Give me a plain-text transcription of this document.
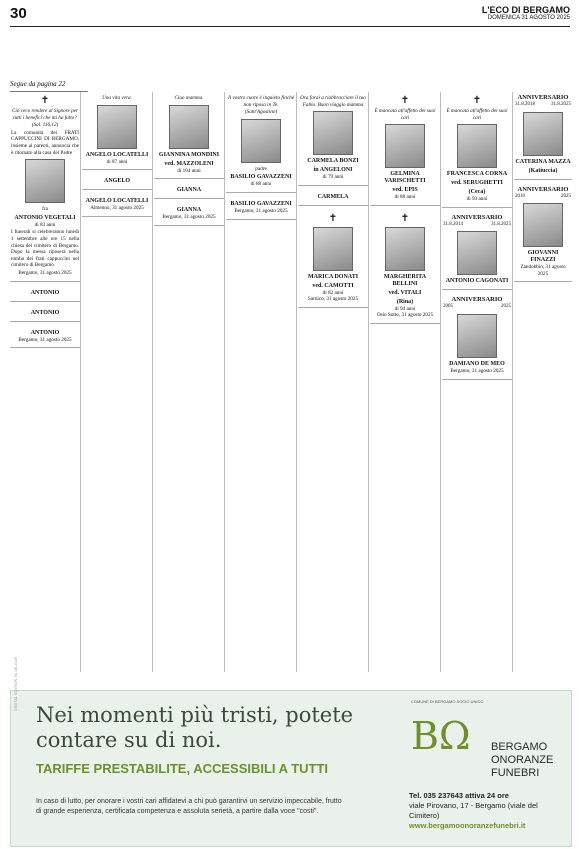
30	L'ECO DI BERGAMO
DOMENICA 31 AGOSTO 2025
Segue da pagina 22
✝

Ciò ceco rendere al Signore per tutti i benefici che mi ha fatto?

(Sal. 116,12)

La comunità dei FRATI CAPPUCCINI DI BERGAMO, insieme ai parenti, annuncia che è ritornato alla casa del Padre

fra
ANTONIO VEGETALI
di 83 anni

I funerali si celebreranno lunedì 1 settembre alle ore 15 nella chiesa del cimitero di Bergamo. Dopo la messa riposerà nella tomba dei frati cappuccini nel cimitero di Bergamo.

Bergamo, 31 agosto 2025
ANTONIO
ANTONIO
ANTONIO
Bergamo, 31 agosto 2025

Una vita vera.

ANGELO LOCATELLI
di 87 anni
ANGELO
ANGELO LOCATELLI
Almenno, 31 agosto 2025

Ciao mamma.

GIANNINA MONDINI
ved. MAZZOLENI
di 104 anni
GIANNA
GIANNA
Bergamo, 31 agosto 2025

Il vostro cuore è inquieto finché non riposa in Te.

(Sant'Agostino)

padre
BASILIO GAVAZZENI
di 88 anni
BASILIO GAVAZZENI
Bergamo, 31 agosto 2025

Ora farai a riabbracciare il tuo Fabio. Buon viaggio mamma

CARMELA BONZI
in ANGELONI
di 79 anni
CARMELA
✝
MARICA DONATI
ved. CAMOTTI
di 82 anni
Sarnico, 31 agosto 2025
✝

È mancata all'affetto dei suoi cari

GELMINA VARISCHETTI
ved. EPIS
di 88 anni
✝
MARGHERITA BELLINI
ved. VITALI
(Rina)
di 94 anni
Osio Sotto, 31 agosto 2025
✝

È mancata all'affetto dei suoi cari

FRANCESCA CORNA
ved. SERUGHETTI
(Ceca)
di 93 anni
ANNIVERSARIO
31.8.2014	31.8.2025
ANTONIO CAGONATI
ANNIVERSARIO
2005	2025
DAMIANO DE MEO
Bergamo, 31 agosto 2025
ANNIVERSARIO
31.8.2018	31.8.2025
CATERINA MAZZA
(Katiuccia)
ANNIVERSARIO
2010	2025
GIOVANNI FINAZZI
Zandobbio, 31 agosto 2025
DIGITAL EDITION 31-08-2025
Nei momenti più tristi, potete contare su di noi.
TARIFFE PRESTABILITE, ACCESSIBILI A TUTTI
In caso di lutto, per onorare i vostri cari affidatevi a chi può garantirvi un servizio impeccabile, frutto di grande esperienza, certificata competenza e assoluta serietà, a partire dalla voce "costi".
COMUNE DI BERGAMO SOCIO UNICO
B Ω BERGAMO ONORANZE FUNEBRI
Tel. 035 237643 attiva 24 ore
viale Pirovano, 17 - Bergamo (viale del Cimitero)
www.bergamoonoranzefunebri.it
